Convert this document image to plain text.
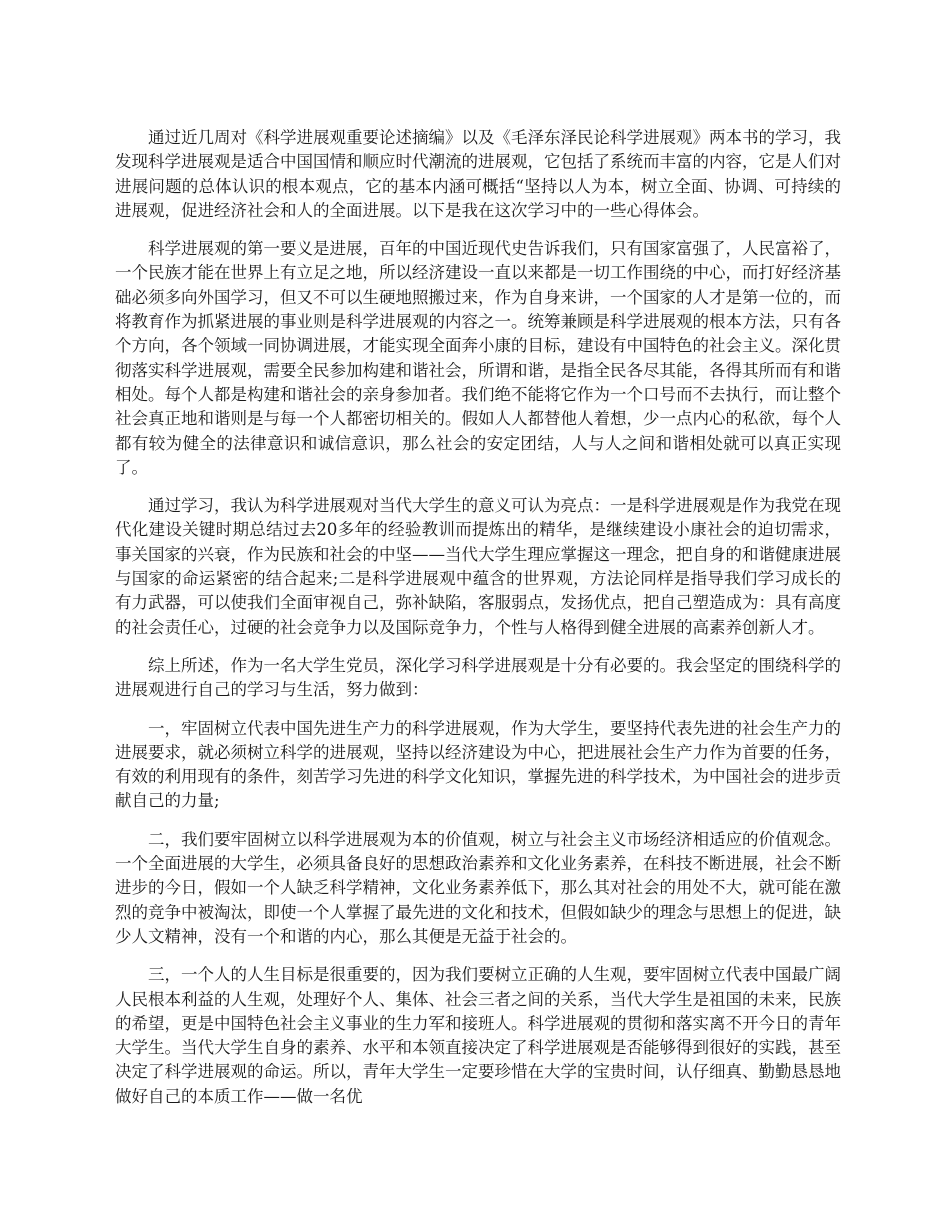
通过近几周对《科学进展观重要论述摘编》以及《毛泽东泽民论科学进展观》两本书的学习，我发现科学进展观是适合中国国情和顺应时代潮流的进展观，它包括了系统而丰富的内容，它是人们对进展问题的总体认识的根本观点，它的基本内涵可概括“坚持以人为本，树立全面、协调、可持续的进展观，促进经济社会和人的全面进展。以下是我在这次学习中的一些心得体会。

科学进展观的第一要义是进展，百年的中国近现代史告诉我们，只有国家富强了，人民富裕了，一个民族才能在世界上有立足之地，所以经济建设一直以来都是一切工作围绕的中心，而打好经济基础必须多向外国学习，但又不可以生硬地照搬过来，作为自身来讲，一个国家的人才是第一位的，而将教育作为抓紧进展的事业则是科学进展观的内容之一。统筹兼顾是科学进展观的根本方法，只有各个方向，各个领域一同协调进展，才能实现全面奔小康的目标，建设有中国特色的社会主义。深化贯彻落实科学进展观，需要全民参加构建和谐社会，所谓和谐，是指全民各尽其能，各得其所而有和谐相处。每个人都是构建和谐社会的亲身参加者。我们绝不能将它作为一个口号而不去执行，而让整个社会真正地和谐则是与每一个人都密切相关的。假如人人都替他人着想，少一点内心的私欲，每个人都有较为健全的法律意识和诚信意识，那么社会的安定团结，人与人之间和谐相处就可以真正实现了。

通过学习，我认为科学进展观对当代大学生的意义可认为亮点：一是科学进展观是作为我党在现代化建设关键时期总结过去20多年的经验教训而提炼出的精华，是继续建设小康社会的迫切需求，事关国家的兴衰，作为民族和社会的中坚——当代大学生理应掌握这一理念，把自身的和谐健康进展与国家的命运紧密的结合起来;二是科学进展观中蕴含的世界观，方法论同样是指导我们学习成长的有力武器，可以使我们全面审视自己，弥补缺陷，客服弱点，发扬优点，把自己塑造成为：具有高度的社会责任心，过硬的社会竞争力以及国际竞争力，个性与人格得到健全进展的高素养创新人才。

综上所述，作为一名大学生党员，深化学习科学进展观是十分有必要的。我会坚定的围绕科学的进展观进行自己的学习与生活，努力做到：

一，牢固树立代表中国先进生产力的科学进展观，作为大学生，要坚持代表先进的社会生产力的进展要求，就必须树立科学的进展观，坚持以经济建设为中心，把进展社会生产力作为首要的任务，有效的利用现有的条件，刻苦学习先进的科学文化知识，掌握先进的科学技术，为中国社会的进步贡献自己的力量;

二，我们要牢固树立以科学进展观为本的价值观，树立与社会主义市场经济相适应的价值观念。一个全面进展的大学生，必须具备良好的思想政治素养和文化业务素养，在科技不断进展，社会不断进步的今日，假如一个人缺乏科学精神，文化业务素养低下，那么其对社会的用处不大，就可能在激烈的竞争中被淘汰，即使一个人掌握了最先进的文化和技术，但假如缺少的理念与思想上的促进，缺少人文精神，没有一个和谐的内心，那么其便是无益于社会的。

三，一个人的人生目标是很重要的，因为我们要树立正确的人生观，要牢固树立代表中国最广阔人民根本利益的人生观，处理好个人、集体、社会三者之间的关系，当代大学生是祖国的未来，民族的希望，更是中国特色社会主义事业的生力军和接班人。科学进展观的贯彻和落实离不开今日的青年大学生。当代大学生自身的素养、水平和本领直接决定了科学进展观是否能够得到很好的实践，甚至决定了科学进展观的命运。所以，青年大学生一定要珍惜在大学的宝贵时间，认仔细真、勤勤恳恳地做好自己的本质工作——做一名优
